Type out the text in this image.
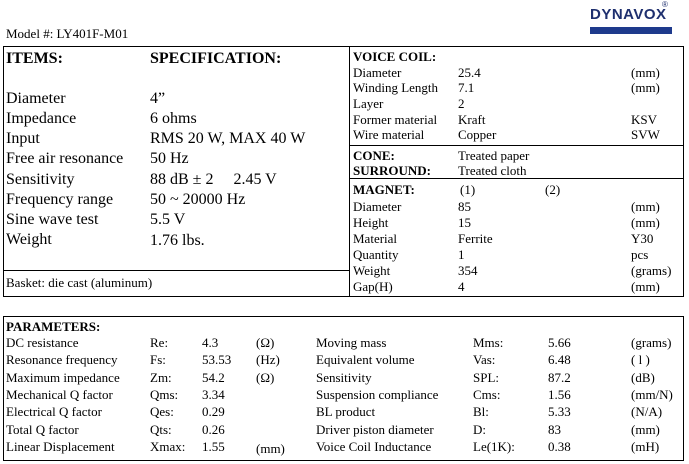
Model #: LY401F-M01
DYNAVOX
®
ITEMS:	SPECIFICATION:
Diameter	4”
Impedance	6 ohms
Input	RMS 20 W, MAX 40 W
Free air resonance 50 Hz
Sensitivity	88 dB ± 2     2.45 V
Frequency range 50 ~ 20000 Hz
Sine wave test	5.5 V
Weight	1.76 lbs.
Basket: die cast (aluminum)
VOICE COIL:
Diameter	25.4	(mm)
Winding Length 7.1	(mm)
Layer	2
Former material Kraft	KSV
Wire material	Copper	SVW
CONE:	Treated paper
SURROUND: Treated cloth
MAGNET:	(1)	(2)
Diameter	85	(mm)
Height	15	(mm)
Material	Ferrite	Y30
Quantity	1	pcs
Weight	354	(grams)
Gap(H)	4	(mm)
PARAMETERS:
DC resistance	Re:	4.3	(Ω)
Resonance frequency Fs:	53.53 (Hz)
Maximum impedance Zm: 54.2 (Ω)
Mechanical Q factor	Qms: 3.34
Electrical Q factor	Qes: 0.29
Total Q factor	Qts: 0.26
Linear Displacement	Xmax: 1.55 (mm)
Moving mass	Mms:	5.66	(grams)
Equivalent volume	Vas:	6.48	( l )
Sensitivity	SPL:	87.2	(dB)
Suspension compliance	Cms:	1.56	(mm/N)
BL product	Bl:	5.33	(N/A)
Driver piston diameter	D:	83	(mm)
Voice Coil Inductance	Le(1K):	0.38	(mH)
